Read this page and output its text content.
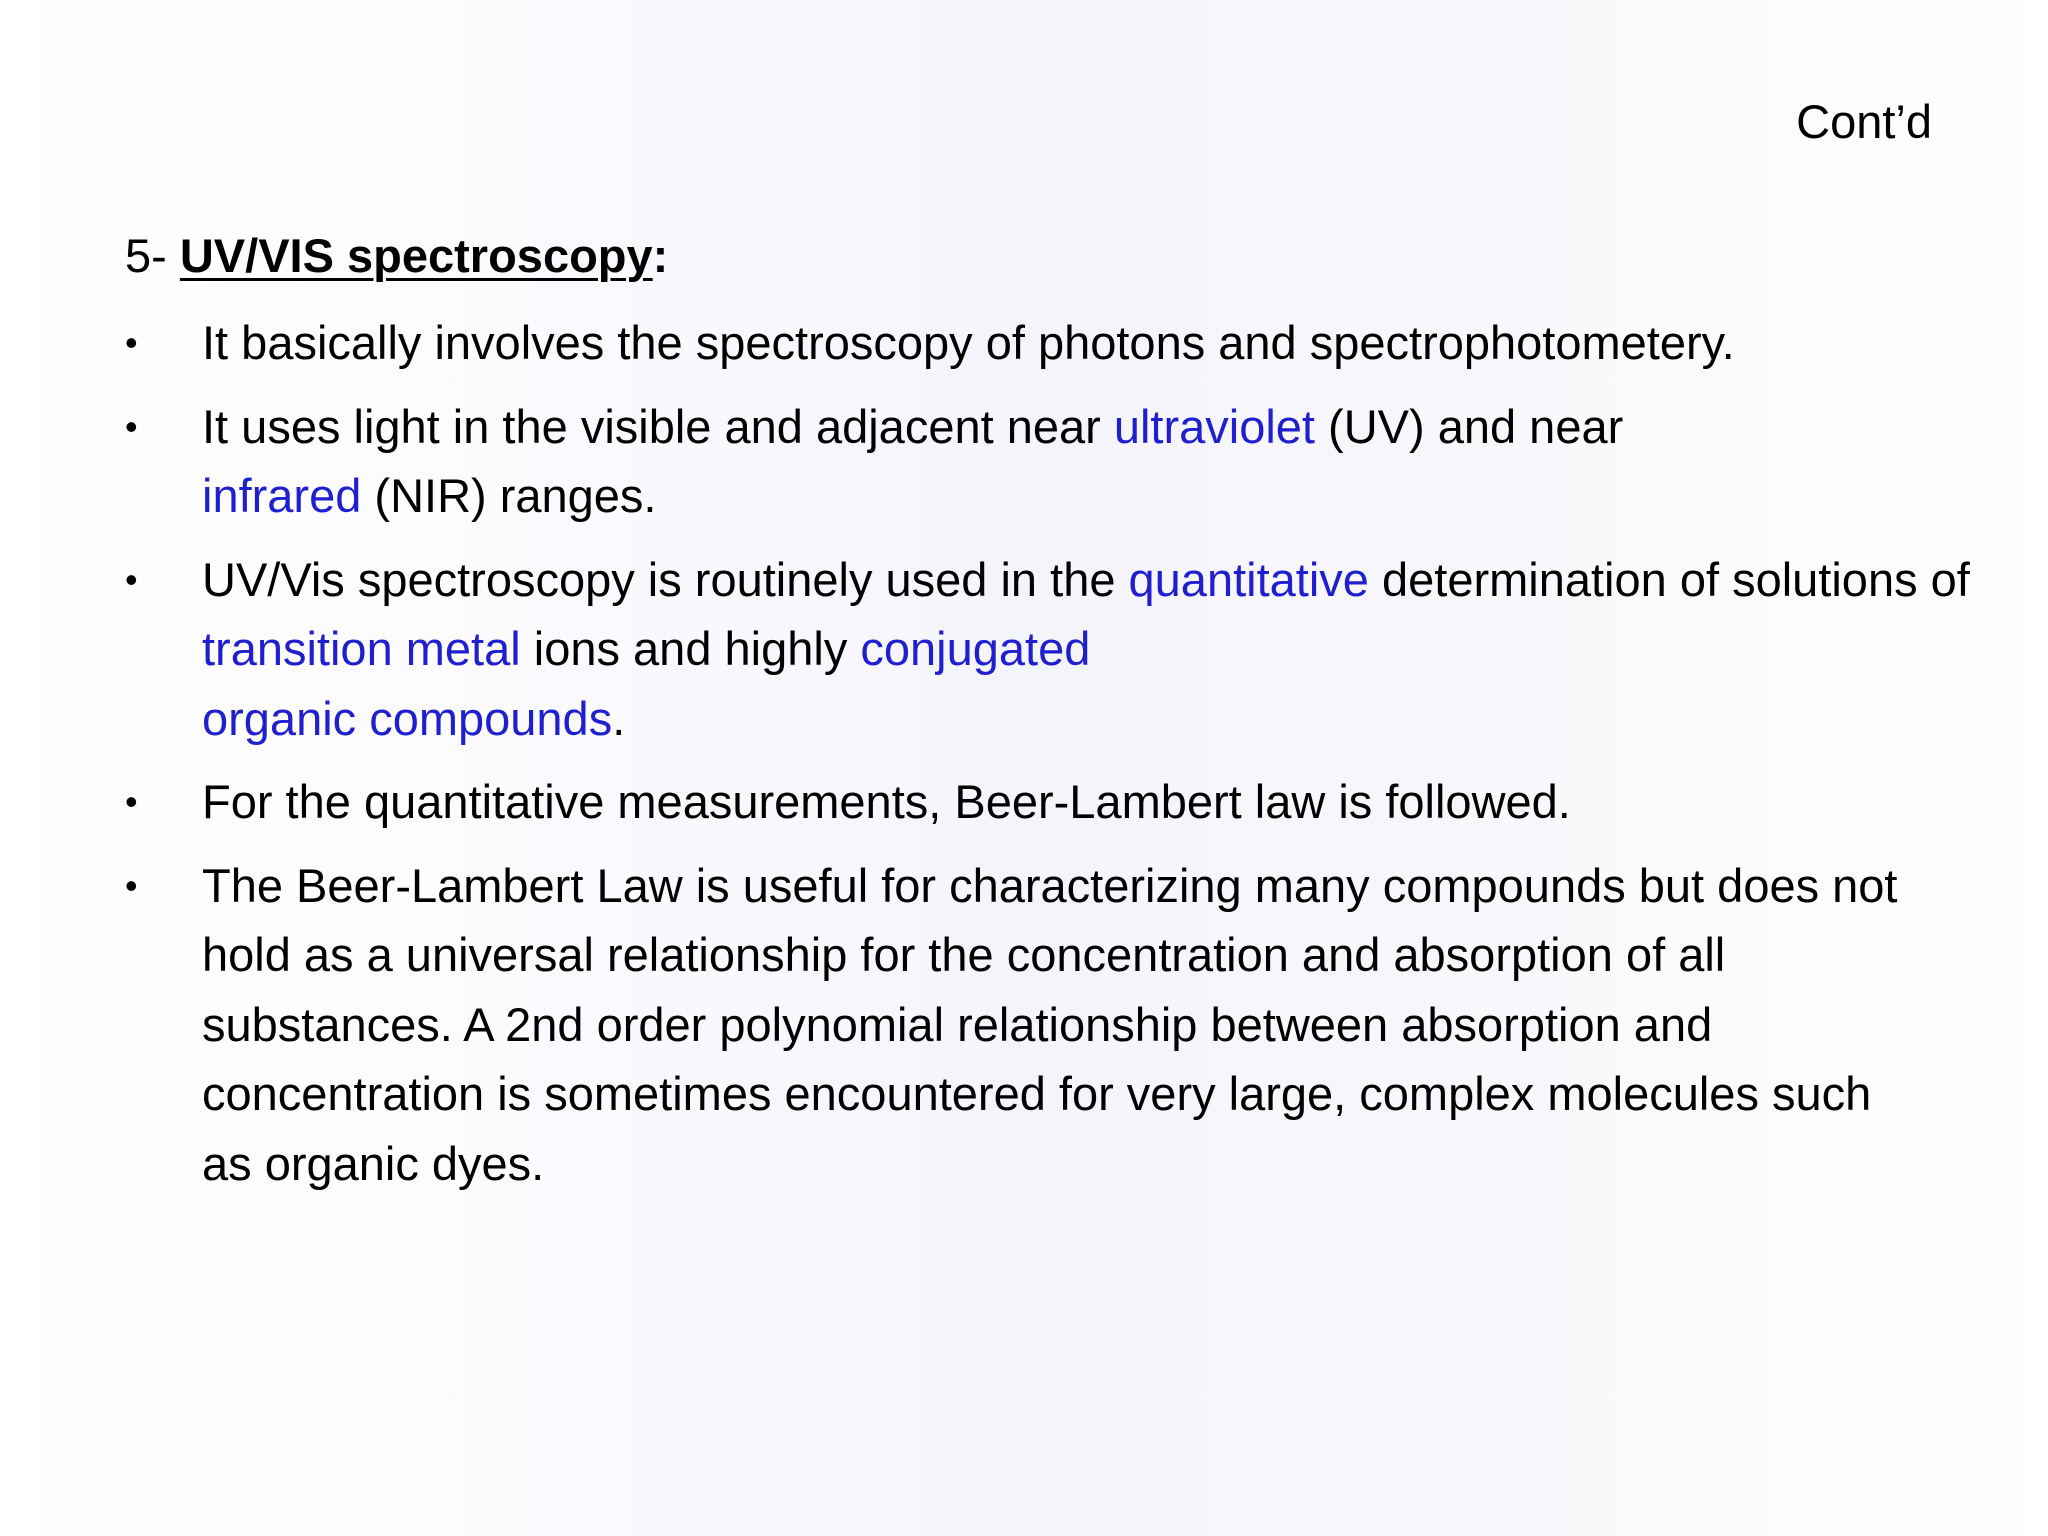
Cont’d
5- UV/VIS spectroscopy:
• It basically involves the spectroscopy of photons and spectrophotometery.
• It uses light in the visible and adjacent near ultraviolet (UV) and near
infrared (NIR) ranges.
• UV/Vis spectroscopy is routinely used in the quantitative determination of solutions of transition metal ions and highly conjugated
organic compounds.
• For the quantitative measurements, Beer-Lambert law is followed.
• The Beer-Lambert Law is useful for characterizing many compounds but does not hold as a universal relationship for the concentration and absorption of all substances. A 2nd order polynomial relationship between absorption and concentration is sometimes encountered for very large, complex molecules such as organic dyes.
